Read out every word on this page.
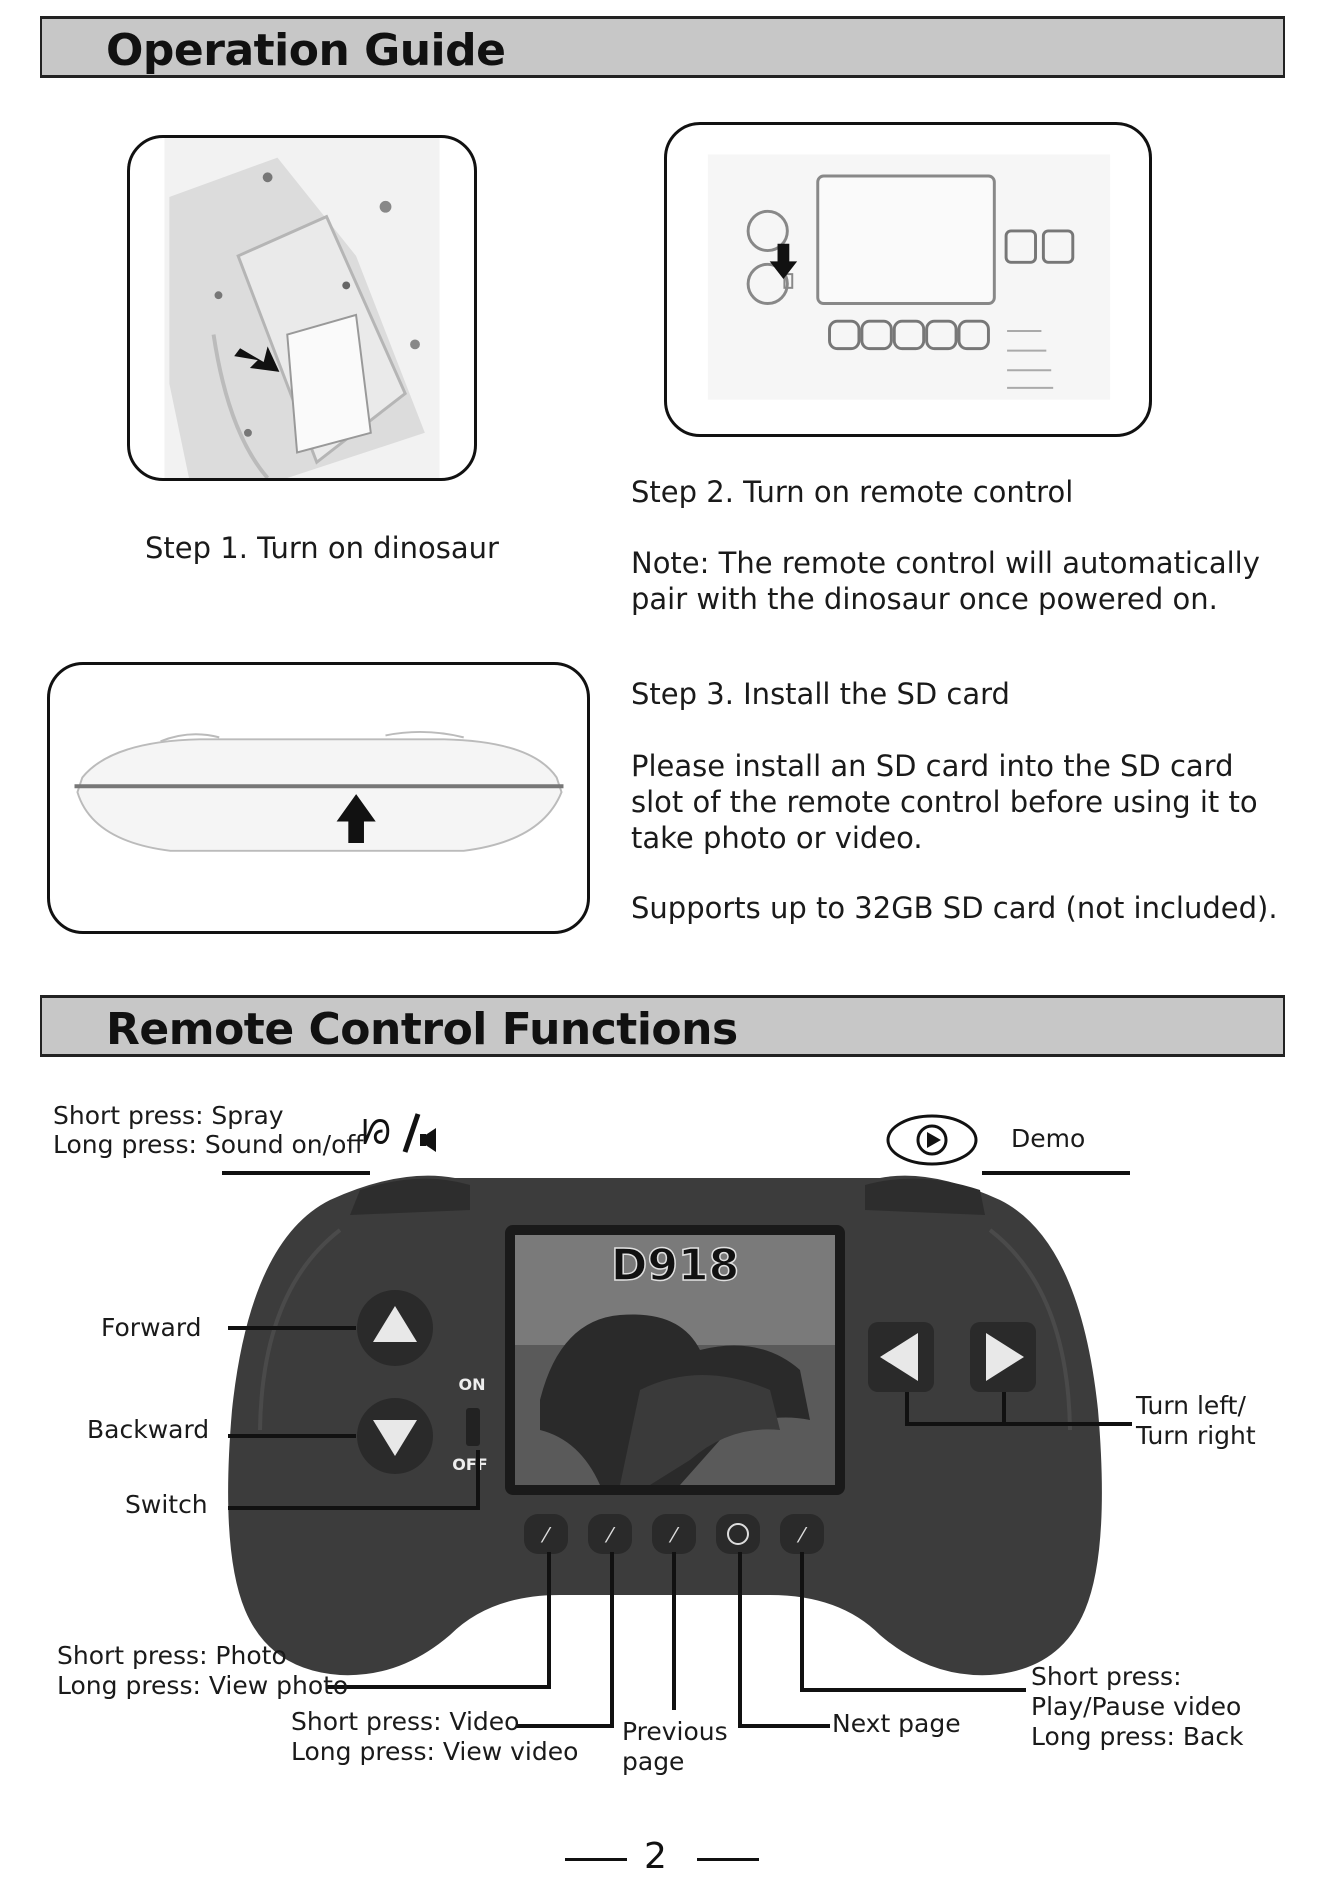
Operation Guide
Step 1. Turn on dinosaur
Step 2. Turn on remote control
Note: The remote control will automatically
pair with the dinosaur once powered on.
Step 3. Install the SD card
Please install an SD card into the SD card
slot of the remote control before using it to
take photo or video.
Supports up to 32GB SD card (not included).
Remote Control Functions
D918
ON
OFF
⁄	⁄	⁄	⁄
ᘗ
Short press: Spray
Long press: Sound on/off	Demo
Forward
Backward
Switch
Turn left/
Turn right
Short press: Photo
Long press: View photo
Short press: Video
Long press: View video
Previous
page
Next page
Short press:
Play/Pause video
Long press: Back
2
